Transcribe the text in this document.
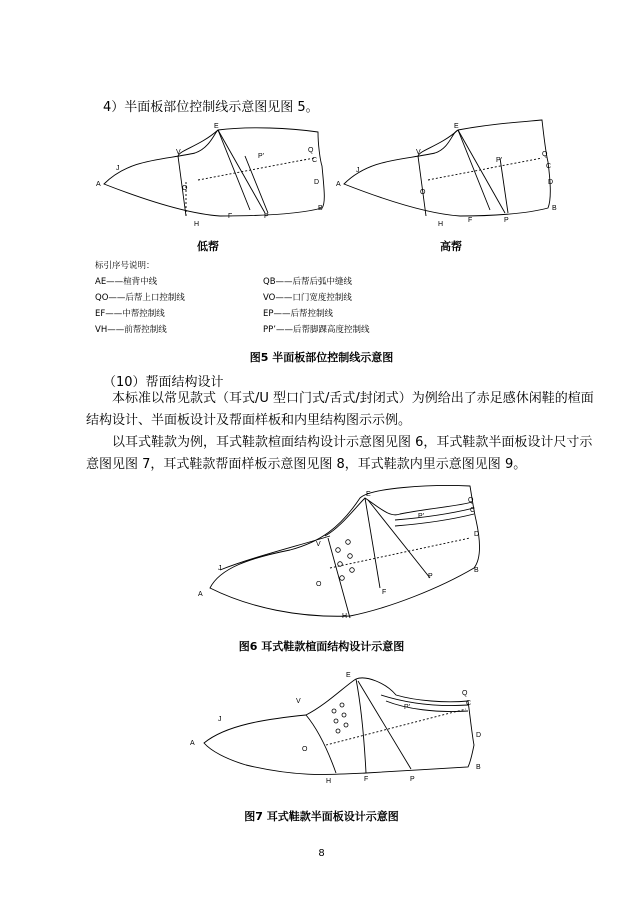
4）半面板部位控制线示意图见图 5。
A
J
V
E
Q
C
P'
D
B
P
F
H
O
A
J
V
E
Q
C
P'
D
B
P
F
H
O
低帮	高帮
标引序号说明：
AE——楦背中线
QO——后帮上口控制线
EF——中帮控制线
VH——前帮控制线
QB——后帮后弧中缝线
VO——口门宽度控制线
EP——后帮控制线
PP’——后帮脚踝高度控制线
图5 半面板部位控制线示意图
（10）帮面结构设计
本标准以常见款式（耳式/U 型口门式/舌式/封闭式）为例给出了赤足感休闲鞋的楦面
结构设计、半面板设计及帮面样板和内里结构图示示例。
以耳式鞋款为例，耳式鞋款楦面结构设计示意图见图 6，耳式鞋款半面板设计尺寸示
意图见图 7，耳式鞋款帮面样板示意图见图 8，耳式鞋款内里示意图见图 9。
A
J
V
E
Q
C
P'
D
B
P
F
H
O
图6 耳式鞋款楦面结构设计示意图
A
J
V
E
Q
C
P'
D
B
P
F
H
O
图7 耳式鞋款半面板设计示意图
8
